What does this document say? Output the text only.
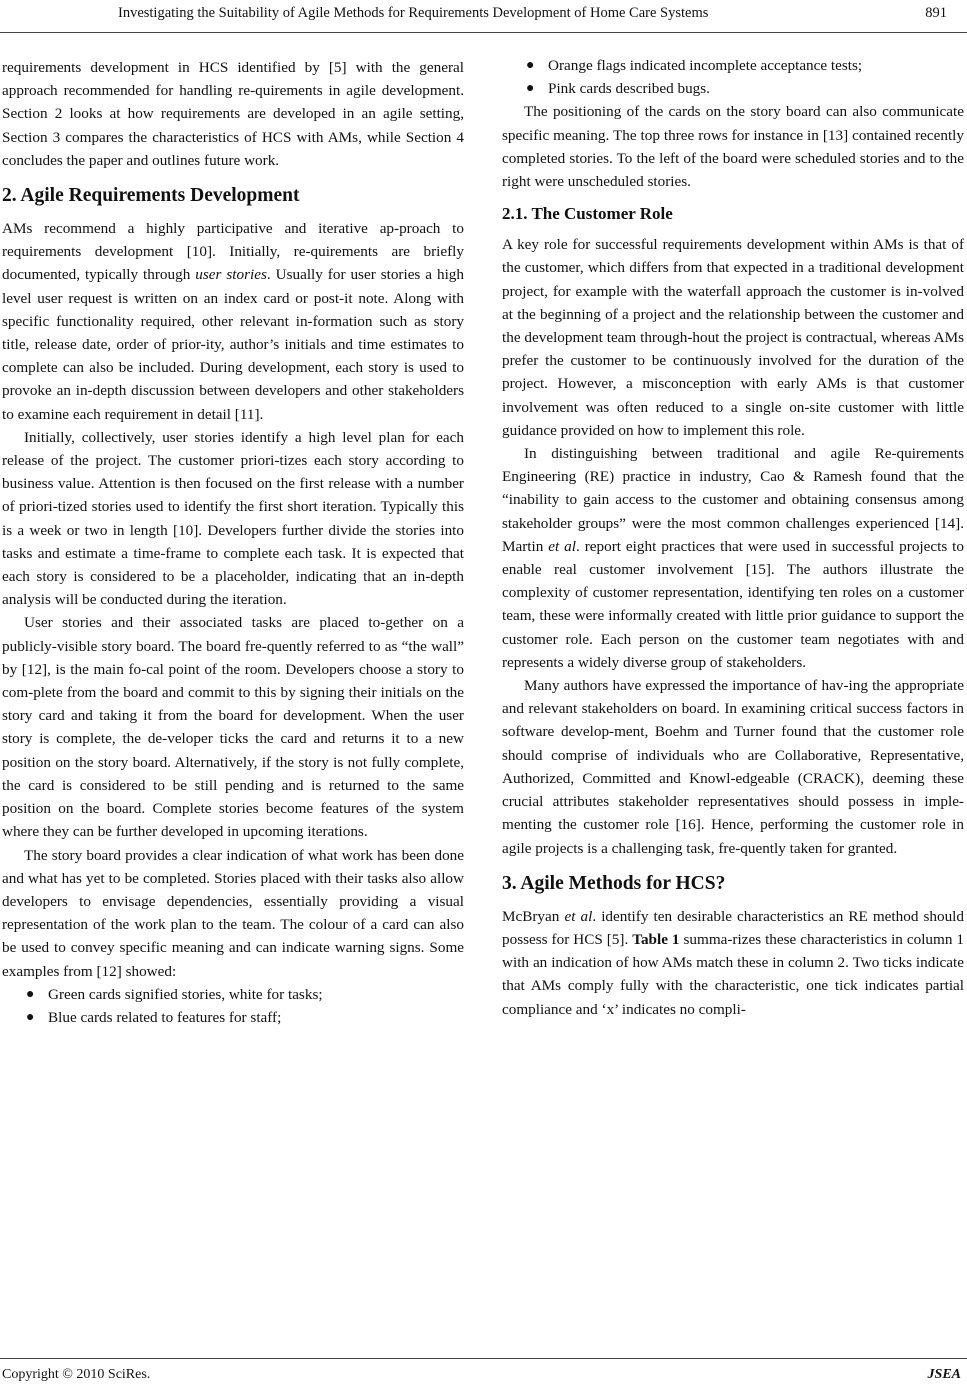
Investigating the Suitability of Agile Methods for Requirements Development of Home Care Systems	891

requirements development in HCS identified by [5] with the general approach recommended for handling re-quirements in agile development. Section 2 looks at how requirements are developed in an agile setting, Section 3 compares the characteristics of HCS with AMs, while Section 4 concludes the paper and outlines future work.

2. Agile Requirements Development

AMs recommend a highly participative and iterative ap-proach to requirements development [10]. Initially, re-quirements are briefly documented, typically through user stories. Usually for user stories a high level user request is written on an index card or post-it note. Along with specific functionality required, other relevant in-formation such as story title, release date, order of prior-ity, author’s initials and time estimates to complete can also be included. During development, each story is used to provoke an in-depth discussion between developers and other stakeholders to examine each requirement in detail [11].

Initially, collectively, user stories identify a high level plan for each release of the project. The customer priori-tizes each story according to business value. Attention is then focused on the first release with a number of priori-tized stories used to identify the first short iteration. Typically this is a week or two in length [10]. Developers further divide the stories into tasks and estimate a time-frame to complete each task. It is expected that each story is considered to be a placeholder, indicating that an in-depth analysis will be conducted during the iteration.

User stories and their associated tasks are placed to-gether on a publicly-visible story board. The board fre-quently referred to as “the wall” by [12], is the main fo-cal point of the room. Developers choose a story to com-plete from the board and commit to this by signing their initials on the story card and taking it from the board for development. When the user story is complete, the de-veloper ticks the card and returns it to a new position on the story board. Alternatively, if the story is not fully complete, the card is considered to be still pending and is returned to the same position on the board. Complete stories become features of the system where they can be further developed in upcoming iterations.

The story board provides a clear indication of what work has been done and what has yet to be completed. Stories placed with their tasks also allow developers to envisage dependencies, essentially providing a visual representation of the work plan to the team. The colour of a card can also be used to convey specific meaning and can indicate warning signs. Some examples from [12] showed:

● Green cards signified stories, white for tasks;
● Blue cards related to features for staff;
● Orange flags indicated incomplete acceptance tests;
● Pink cards described bugs.

The positioning of the cards on the story board can also communicate specific meaning. The top three rows for instance in [13] contained recently completed stories. To the left of the board were scheduled stories and to the right were unscheduled stories.

2.1. The Customer Role

A key role for successful requirements development within AMs is that of the customer, which differs from that expected in a traditional development project, for example with the waterfall approach the customer is in-volved at the beginning of a project and the relationship between the customer and the development team through-hout the project is contractual, whereas AMs prefer the customer to be continuously involved for the duration of the project. However, a misconception with early AMs is that customer involvement was often reduced to a single on-site customer with little guidance provided on how to implement this role.

In distinguishing between traditional and agile Re-quirements Engineering (RE) practice in industry, Cao & Ramesh found that the “inability to gain access to the customer and obtaining consensus among stakeholder groups” were the most common challenges experienced [14]. Martin et al. report eight practices that were used in successful projects to enable real customer involvement [15]. The authors illustrate the complexity of customer representation, identifying ten roles on a customer team, these were informally created with little prior guidance to support the customer role. Each person on the customer team negotiates with and represents a widely diverse group of stakeholders.

Many authors have expressed the importance of hav-ing the appropriate and relevant stakeholders on board. In examining critical success factors in software develop-ment, Boehm and Turner found that the customer role should comprise of individuals who are Collaborative, Representative, Authorized, Committed and Knowl-edgeable (CRACK), deeming these crucial attributes stakeholder representatives should possess in imple-menting the customer role [16]. Hence, performing the customer role in agile projects is a challenging task, fre-quently taken for granted.

3. Agile Methods for HCS?

McBryan et al. identify ten desirable characteristics an RE method should possess for HCS [5]. Table 1 summa-rizes these characteristics in column 1 with an indication of how AMs match these in column 2. Two ticks indicate that AMs comply fully with the characteristic, one tick indicates partial compliance and ‘x’ indicates no compli-

Copyright © 2010 SciRes.	JSEA
